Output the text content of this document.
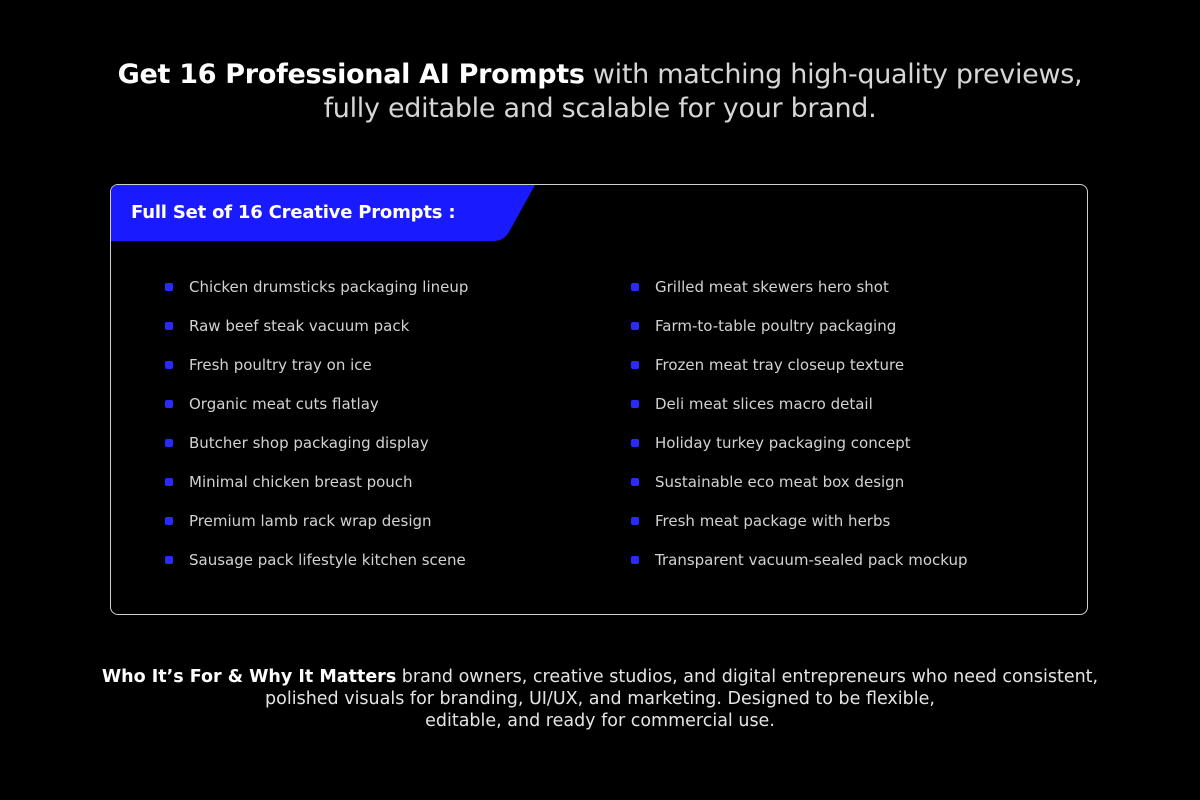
Get 16 Professional AI Prompts with matching high-quality previews,
fully editable and scalable for your brand.
Full Set of 16 Creative Prompts :
Chicken drumsticks packaging lineup
Raw beef steak vacuum pack
Fresh poultry tray on ice
Organic meat cuts flatlay
Butcher shop packaging display
Minimal chicken breast pouch
Premium lamb rack wrap design
Sausage pack lifestyle kitchen scene
Grilled meat skewers hero shot
Farm-to-table poultry packaging
Frozen meat tray closeup texture
Deli meat slices macro detail
Holiday turkey packaging concept
Sustainable eco meat box design
Fresh meat package with herbs
Transparent vacuum-sealed pack mockup
Who It’s For & Why It Matters brand owners, creative studios, and digital entrepreneurs who need consistent,
polished visuals for branding, UI/UX, and marketing. Designed to be flexible,
editable, and ready for commercial use.
